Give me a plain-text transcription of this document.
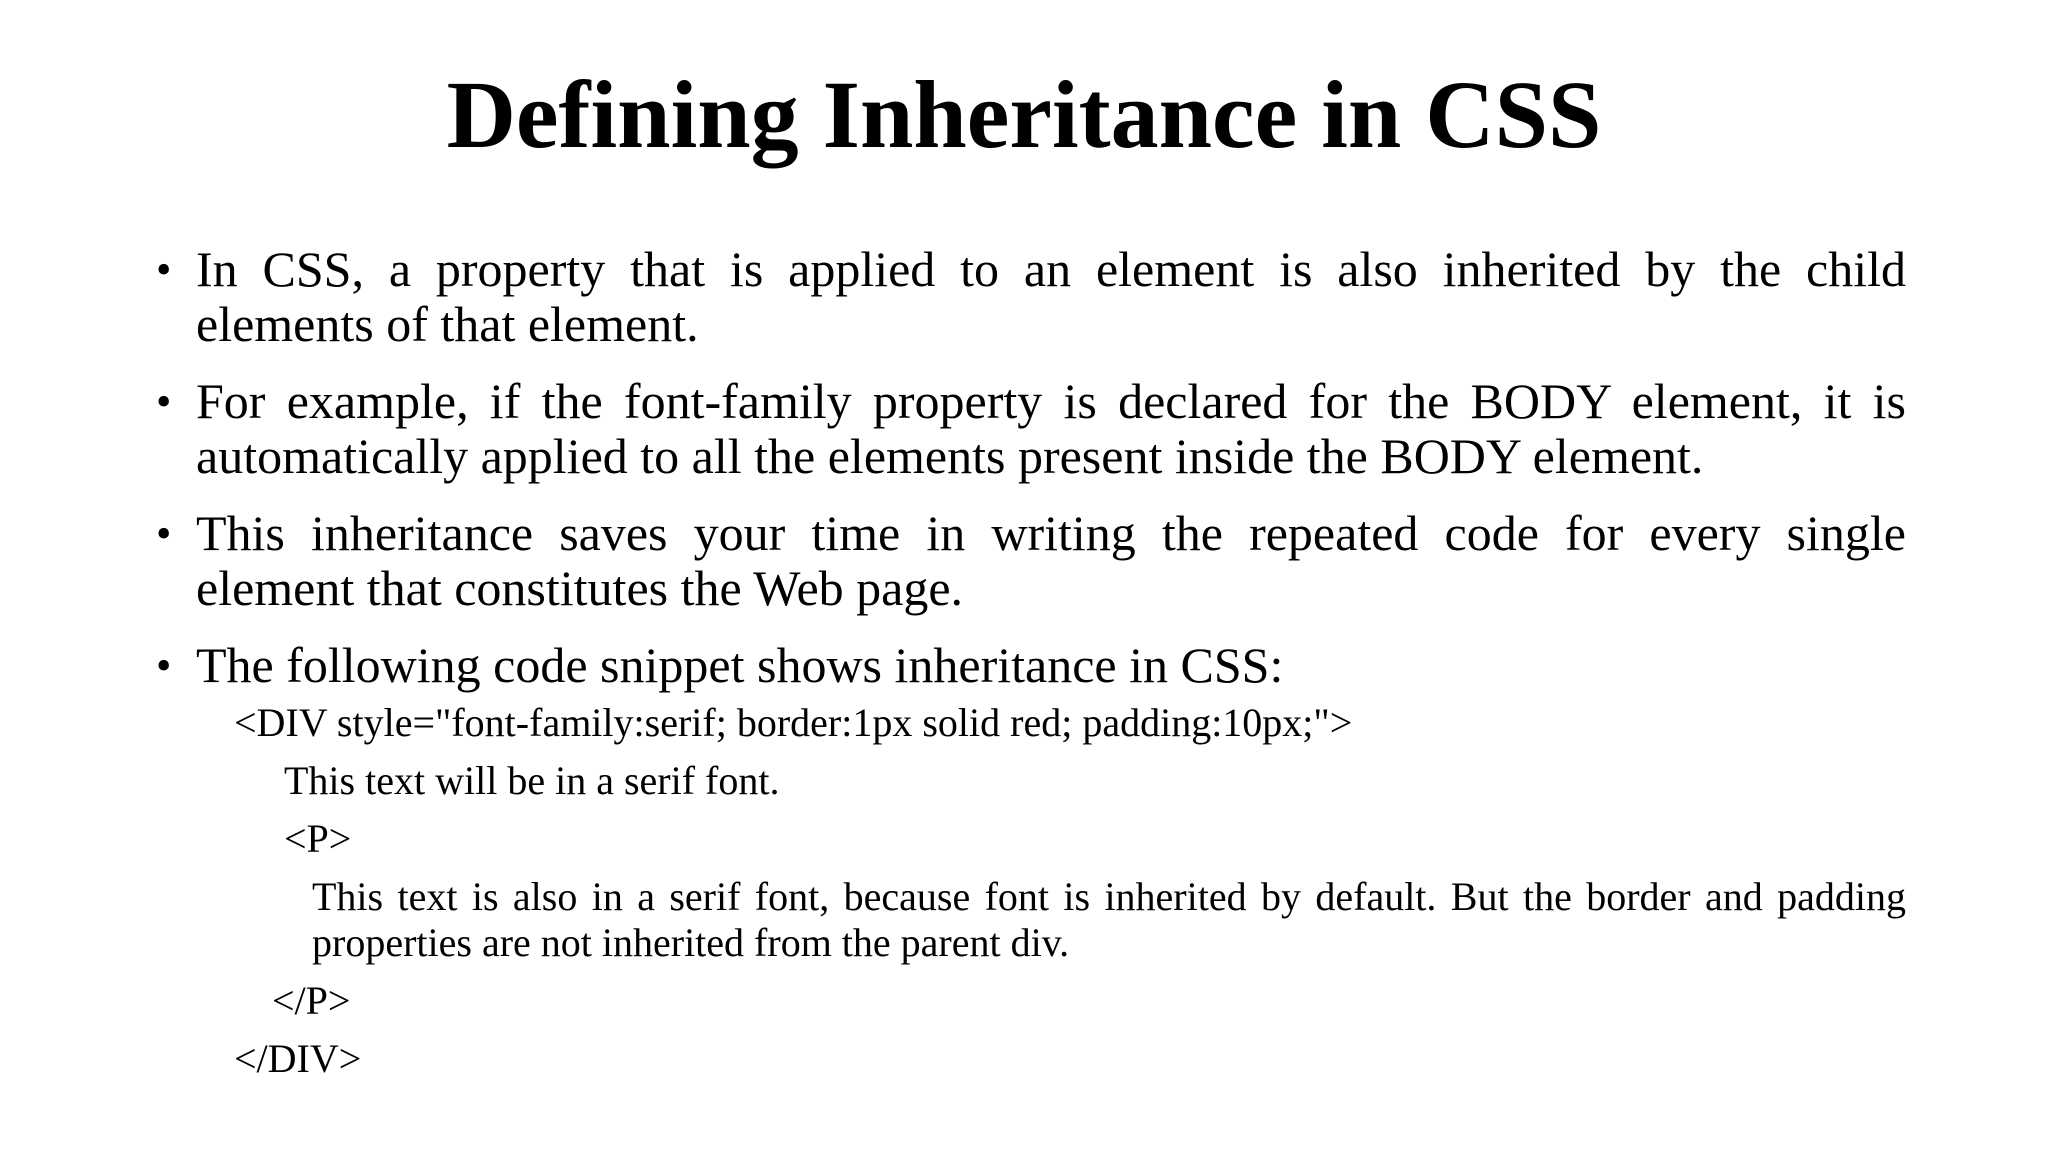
Defining Inheritance in CSS
• In CSS, a property that is applied to an element is also inherited by the child elements of that element.
• For example, if the font-family property is declared for the BODY element, it is automatically applied to all the elements present inside the BODY element.
• This inheritance saves your time in writing the repeated code for every single element that constitutes the Web page.
• The following code snippet shows inheritance in CSS:
<DIV style="font-family:serif; border:1px solid red; padding:10px;">
This text will be in a serif font.
<P>
This text is also in a serif font, because font is inherited by default. But the border and padding properties are not inherited from the parent div.
</P>
</DIV>
